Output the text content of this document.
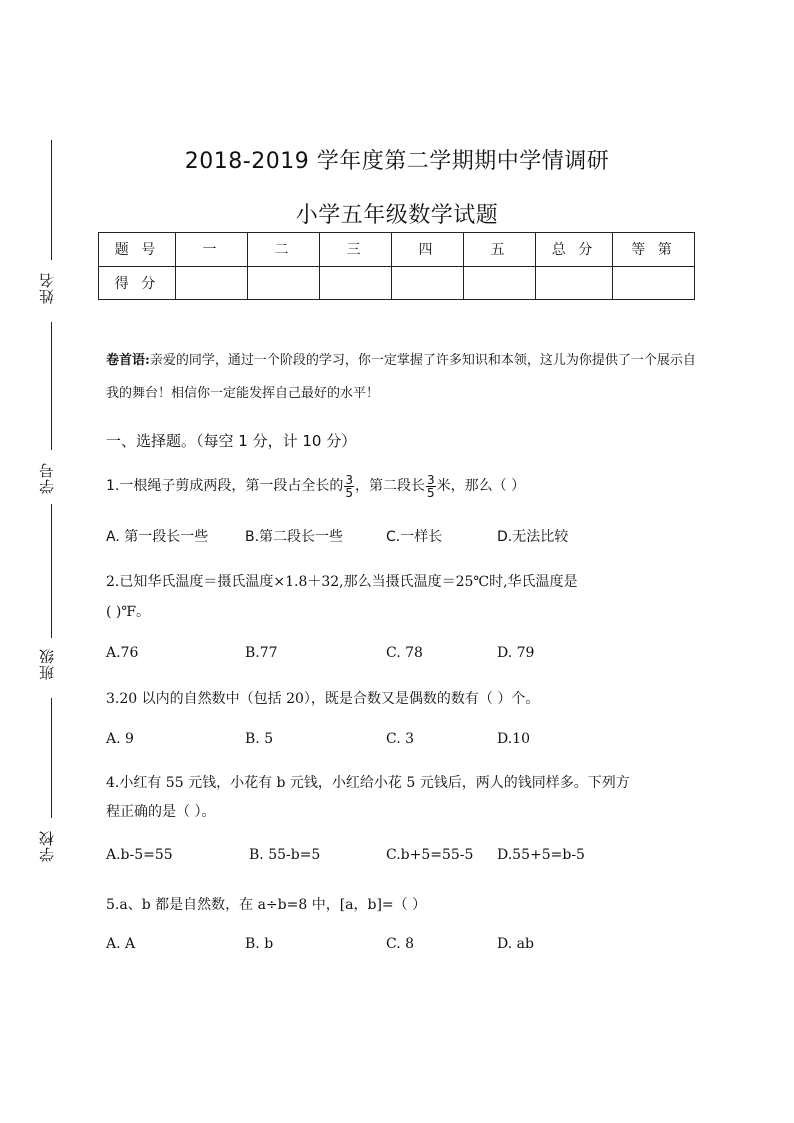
姓名
学号
班级
学校
2018-2019 学年度第二学期期中学情调研
小学五年级数学试题
题 号	一	二	三	四	五	总 分	等 第
得 分							
卷首语:亲爱的同学，通过一个阶段的学习，你一定掌握了许多知识和本领，这儿为你提供了一个展示自我的舞台！相信你一定能发挥自己最好的水平！
一、选择题。（每空 1 分，计 10 分）
1.一根绳子剪成两段，第一段占全长的 $\frac{3}{5}$ ，第二段长 $\frac{3}{5}$ 米，那么（ ）
A. 第一段长一些	B.第二段长一些	C.一样长	D.无法比较
2.已知华氏温度＝摄氏温度×1.8＋32,那么当摄氏温度＝25℃时,华氏温度是
( )℉。
A.76	B.77	C. 78	D. 79
3.20 以内的自然数中（包括 20），既是合数又是偶数的数有（ ）个。
A. 9	B. 5	C. 3	D.10
4.小红有 55 元钱，小花有 b 元钱，小红给小花 5 元钱后，两人的钱同样多。下列方
程正确的是（ ）。
A.b-5=55	B. 55-b=5	C.b+5=55-5 D.55+5=b-5
5.a、b 都是自然数，在 a÷b=8 中，[a，b]=（ ）
A. A	B. b	C. 8	D. ab
